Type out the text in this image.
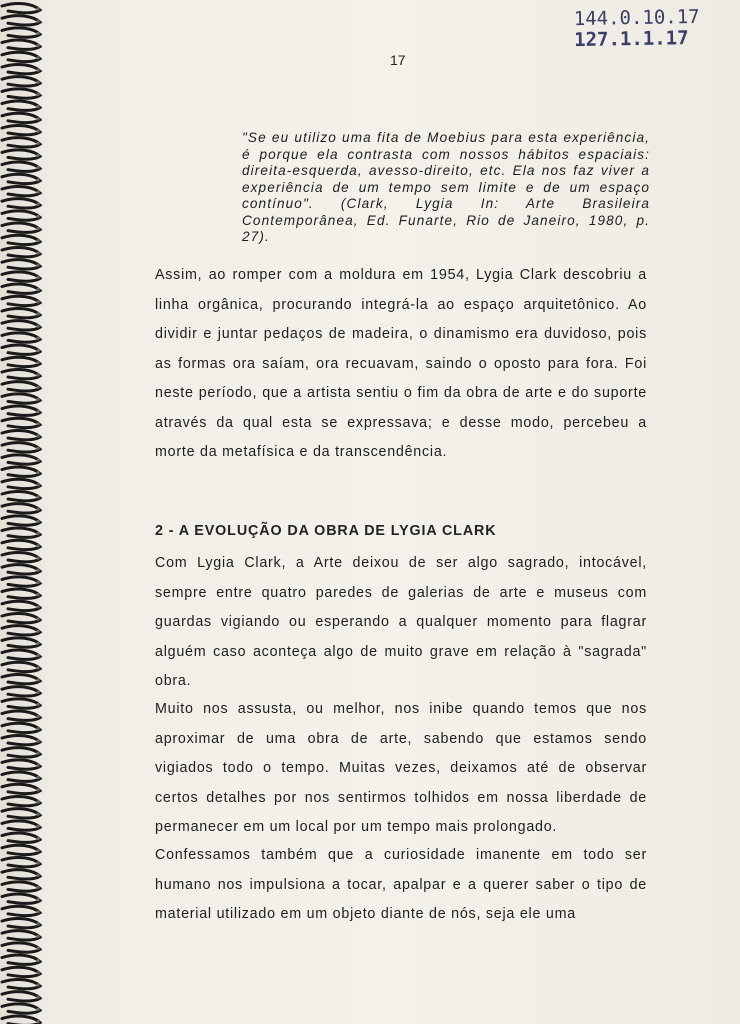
144.0.10.17
127.1.1.17
17
"Se eu utilizo uma fita de Moebius para esta experiência, é porque ela contrasta com nossos hábitos espaciais: direita-esquerda, avesso-direito, etc. Ela nos faz viver a experiência de um tempo sem limite e de um espaço contínuo". (Clark, Lygia In: Arte Brasileira Contemporânea, Ed. Funarte, Rio de Janeiro, 1980, p. 27).

Assim, ao romper com a moldura em 1954, Lygia Clark descobriu a linha orgânica, procurando integrá-la ao espaço arquitetônico. Ao dividir e juntar pedaços de madeira, o dinamismo era duvidoso, pois as formas ora saíam, ora recuavam, saindo o oposto para fora. Foi neste período, que a artista sentiu o fim da obra de arte e do suporte através da qual esta se expressava; e desse modo, percebeu a morte da metafísica e da transcendência.

2 - A EVOLUÇÃO DA OBRA DE LYGIA CLARK

Com Lygia Clark, a Arte deixou de ser algo sagrado, intocável, sempre entre quatro paredes de galerias de arte e museus com guardas vigiando ou esperando a qualquer momento para flagrar alguém caso aconteça algo de muito grave em relação à "sagrada" obra.

Muito nos assusta, ou melhor, nos inibe quando temos que nos aproximar de uma obra de arte, sabendo que estamos sendo vigiados todo o tempo. Muitas vezes, deixamos até de observar certos detalhes por nos sentirmos tolhidos em nossa liberdade de permanecer em um local por um tempo mais prolongado.

Confessamos também que a curiosidade imanente em todo ser humano nos impulsiona a tocar, apalpar e a querer saber o tipo de material utilizado em um objeto diante de nós, seja ele uma
